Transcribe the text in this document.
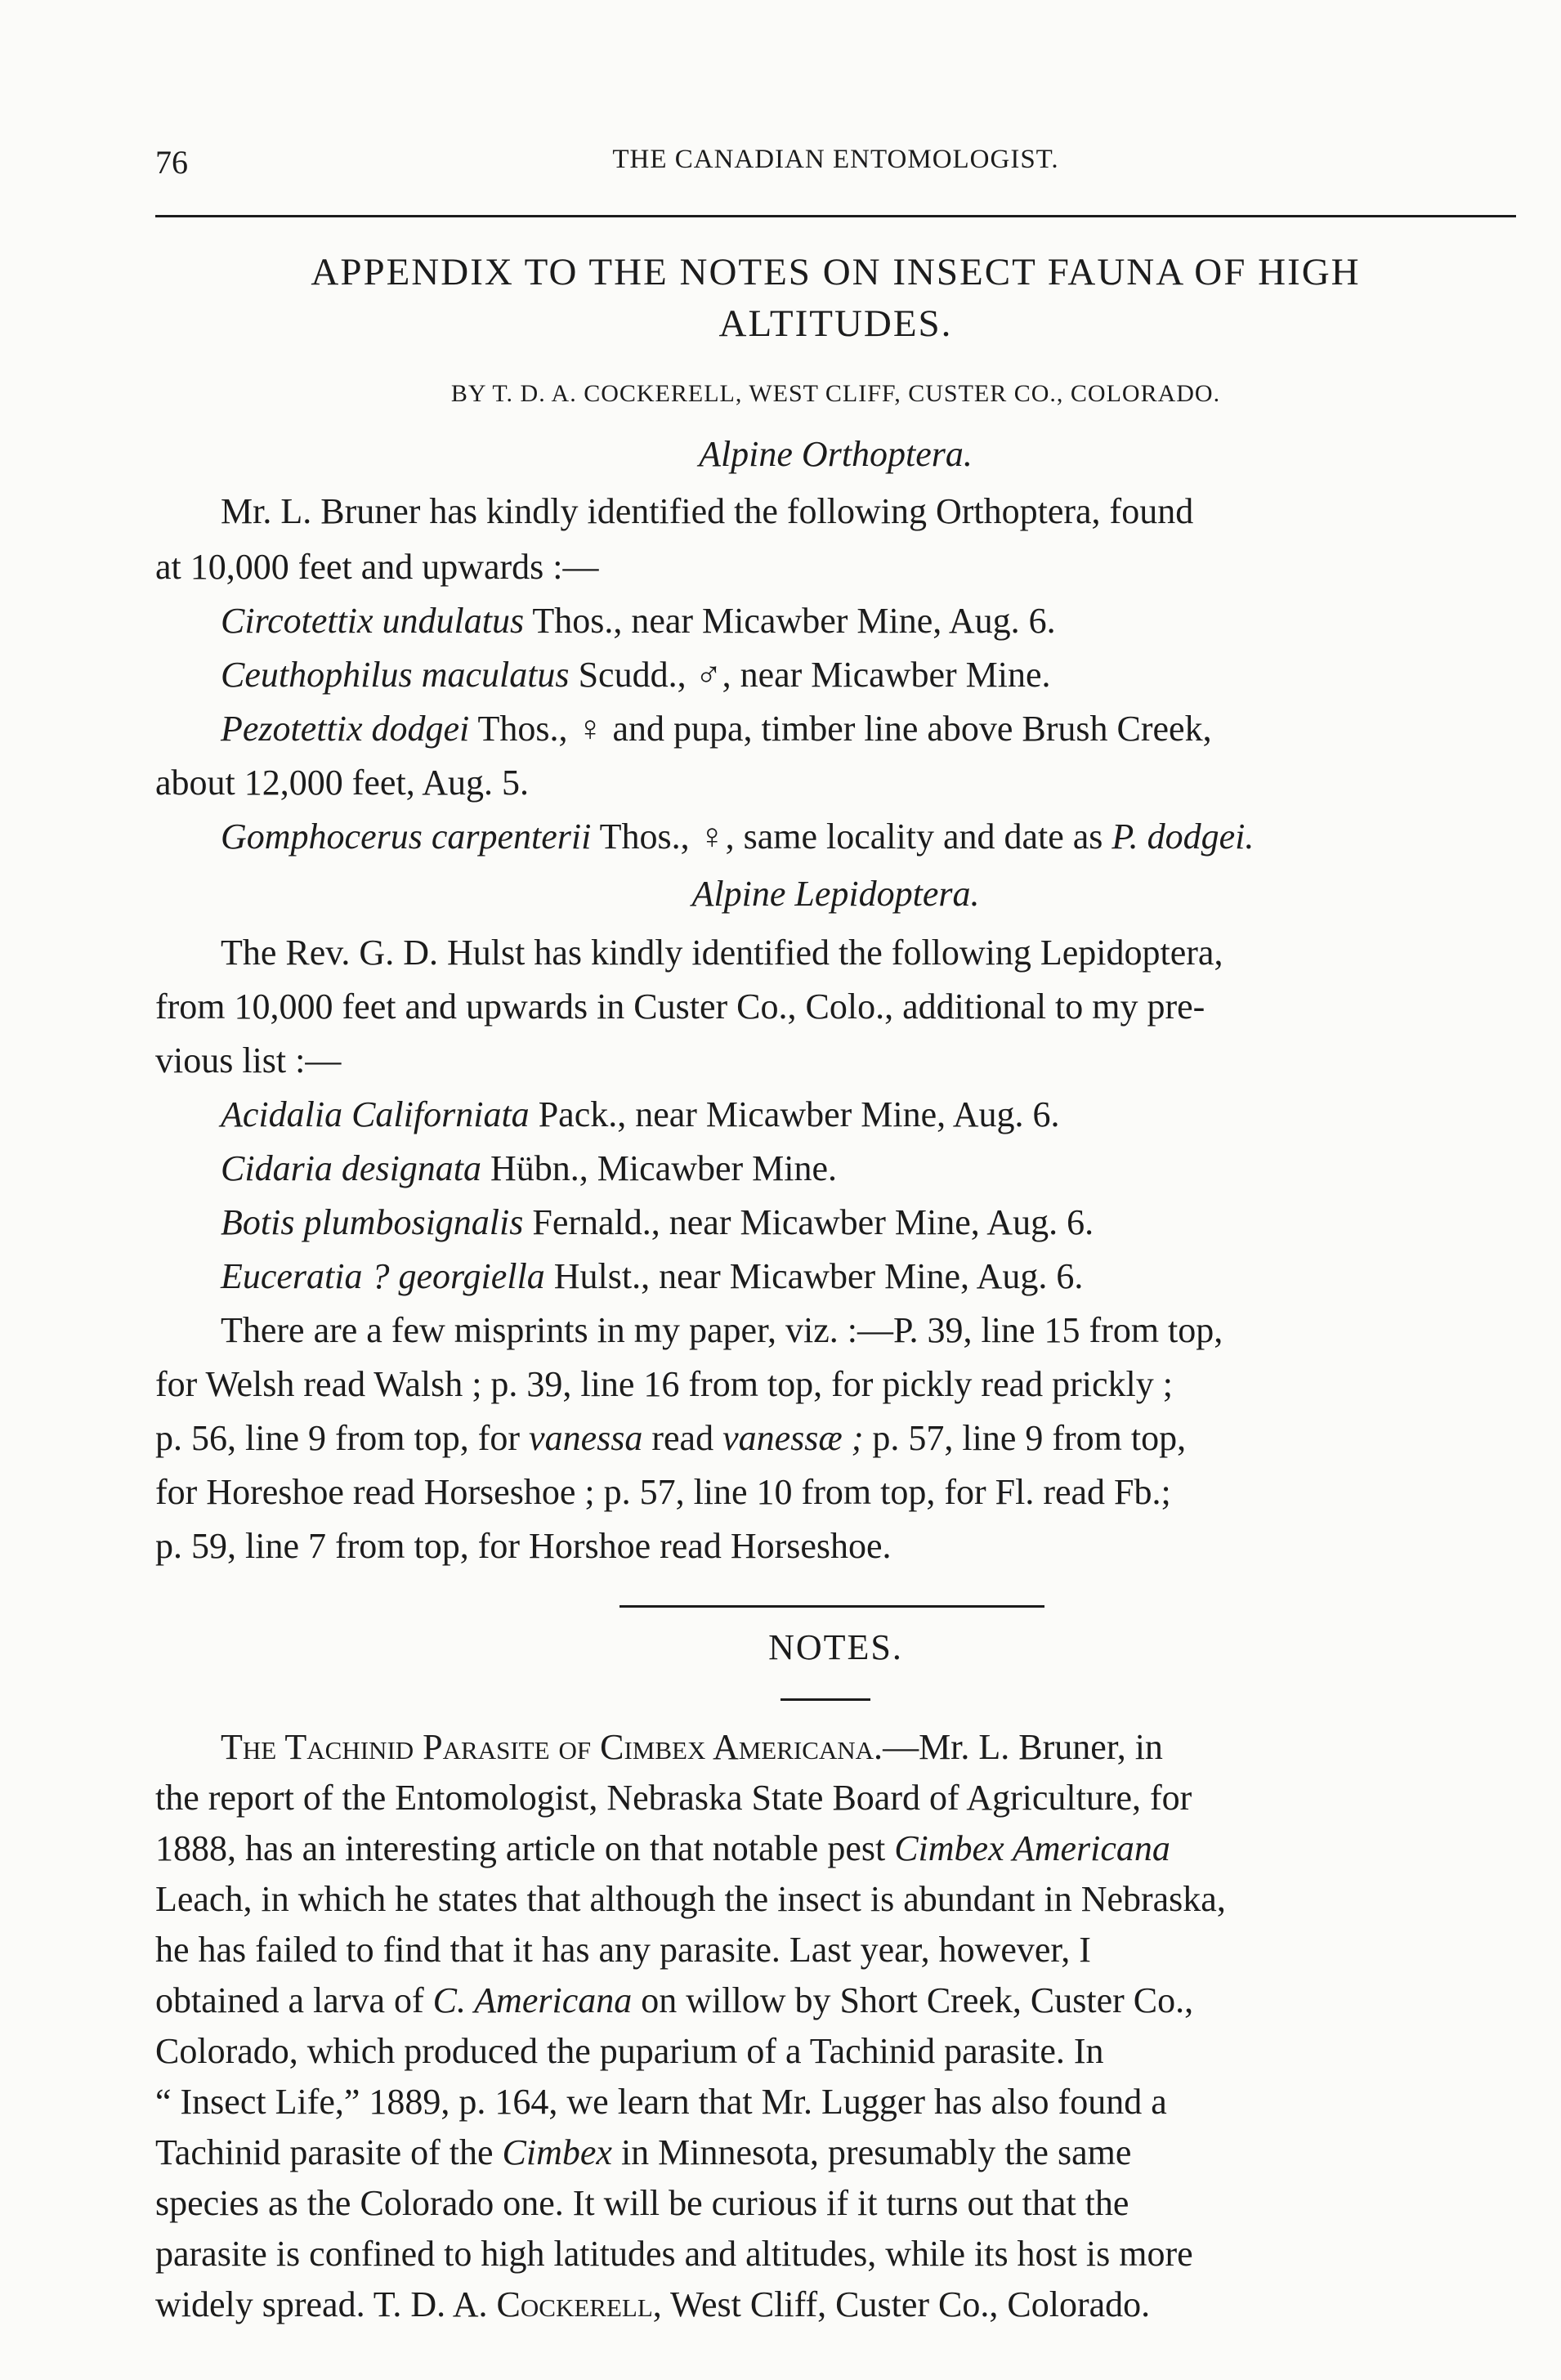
76	THE CANADIAN ENTOMOLOGIST.
APPENDIX TO THE NOTES ON INSECT FAUNA OF HIGH
ALTITUDES.
BY T. D. A. COCKERELL, WEST CLIFF, CUSTER CO., COLORADO.
Alpine Orthoptera.
Mr. L. Bruner has kindly identified the following Orthoptera, found
at 10,000 feet and upwards :—
Circotettix undulatus Thos., near Micawber Mine, Aug. 6.
Ceuthophilus maculatus Scudd., ♂, near Micawber Mine.
Pezotettix dodgei Thos., ♀ and pupa, timber line above Brush Creek,
about 12,000 feet, Aug. 5.
Gomphocerus carpenterii Thos., ♀, same locality and date as P. dodgei.
Alpine Lepidoptera.
The Rev. G. D. Hulst has kindly identified the following Lepidoptera,
from 10,000 feet and upwards in Custer Co., Colo., additional to my pre-
vious list :—
Acidalia Californiata Pack., near Micawber Mine, Aug. 6.
Cidaria designata Hübn., Micawber Mine.
Botis plumbosignalis Fernald., near Micawber Mine, Aug. 6.
Euceratia ? georgiella Hulst., near Micawber Mine, Aug. 6.
There are a few misprints in my paper, viz. :—P. 39, line 15 from top,
for Welsh read Walsh ; p. 39, line 16 from top, for pickly read prickly ;
p. 56, line 9 from top, for vanessa read vanessæ ; p. 57, line 9 from top,
for Horeshoe read Horseshoe ; p. 57, line 10 from top, for Fl. read Fb.;
p. 59, line 7 from top, for Horshoe read Horseshoe.
NOTES.
The Tachinid Parasite of Cimbex Americana.—Mr. L. Bruner, in
the report of the Entomologist, Nebraska State Board of Agriculture, for
1888, has an interesting article on that notable pest Cimbex Americana
Leach, in which he states that although the insect is abundant in Nebraska,
he has failed to find that it has any parasite. Last year, however, I
obtained a larva of C. Americana on willow by Short Creek, Custer Co.,
Colorado, which produced the puparium of a Tachinid parasite. In
“ Insect Life,” 1889, p. 164, we learn that Mr. Lugger has also found a
Tachinid parasite of the Cimbex in Minnesota, presumably the same
species as the Colorado one. It will be curious if it turns out that the
parasite is confined to high latitudes and altitudes, while its host is more
widely spread. T. D. A. Cockerell, West Cliff, Custer Co., Colorado.
